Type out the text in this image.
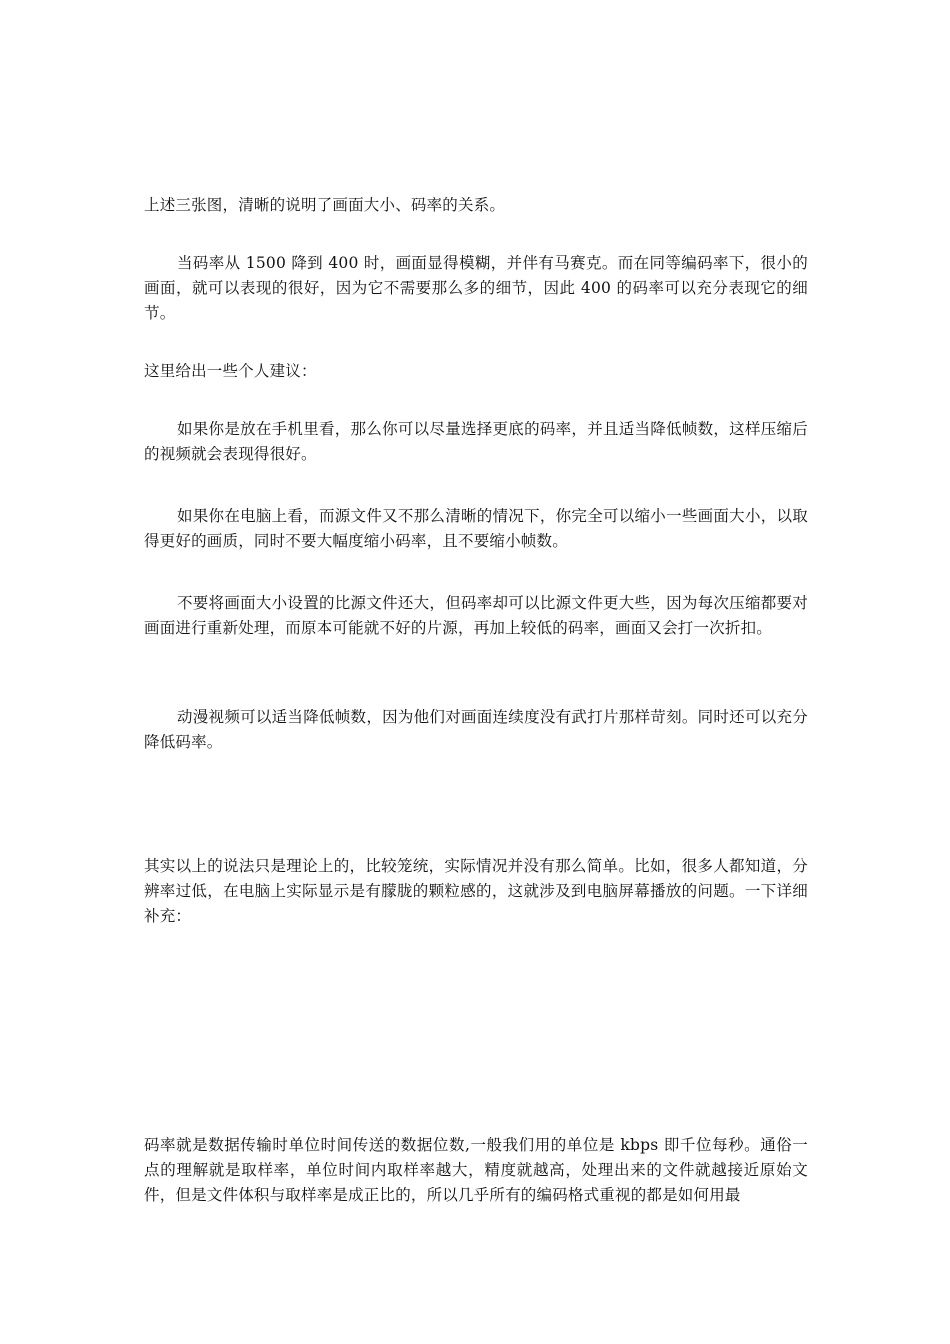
上述三张图，清晰的说明了画面大小、码率的关系。

当码率从 1500 降到 400 时，画面显得模糊，并伴有马赛克。而在同等编码率下，很小的画面，就可以表现的很好，因为它不需要那么多的细节，因此 400 的码率可以充分表现它的细节。

这里给出一些个人建议：

如果你是放在手机里看，那么你可以尽量选择更底的码率，并且适当降低帧数，这样压缩后的视频就会表现得很好。

如果你在电脑上看，而源文件又不那么清晰的情况下，你完全可以缩小一些画面大小，以取得更好的画质，同时不要大幅度缩小码率，且不要缩小帧数。

不要将画面大小设置的比源文件还大，但码率却可以比源文件更大些，因为每次压缩都要对画面进行重新处理，而原本可能就不好的片源，再加上较低的码率，画面又会打一次折扣。

动漫视频可以适当降低帧数，因为他们对画面连续度没有武打片那样苛刻。同时还可以充分降低码率。

其实以上的说法只是理论上的，比较笼统，实际情况并没有那么简单。比如，很多人都知道，分辨率过低，在电脑上实际显示是有朦胧的颗粒感的，这就涉及到电脑屏幕播放的问题。一下详细补充：

码率就是数据传输时单位时间传送的数据位数,一般我们用的单位是 kbps 即千位每秒。通俗一点的理解就是取样率，单位时间内取样率越大，精度就越高，处理出来的文件就越接近原始文件，但是文件体积与取样率是成正比的，所以几乎所有的编码格式重视的都是如何用最
